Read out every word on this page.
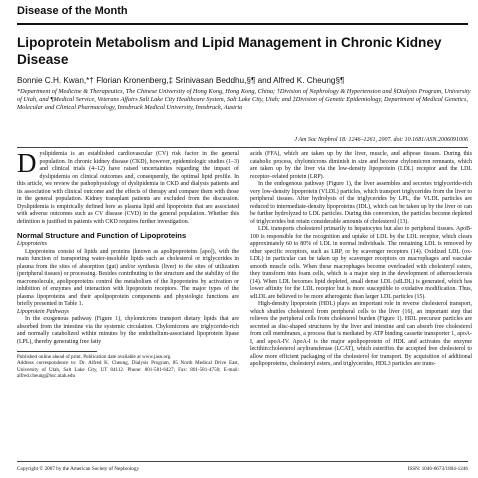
Disease of the Month
Lipoprotein Metabolism and Lipid Management in Chronic Kidney Disease
Bonnie C.H. Kwan,*† Florian Kronenberg,‡ Srinivasan Beddhu,§¶ and Alfred K. Cheung§¶
*Department of Medicine & Therapeutics, The Chinese University of Hong Kong, Hong Kong, China; †Division of Nephrology & Hypertension and §Dialysis Program, University of Utah, and ¶Medical Service, Veterans Affairs Salt Lake City Healthcare System, Salt Lake City, Utah; and ‡Division of Genetic Epidemiology, Department of Medical Genetics, Molecular and Clinical Pharmacology, Innsbruck Medical University, Innsbruck, Austria
J Am Soc Nephrol 18: 1246–1261, 2007. doi: 10.1681/ASN.2006091006

Dyslipidemia is an established cardiovascular (CV) risk factor in the general population. In chronic kidney disease (CKD), however, epidemiologic studies (1–3) and clinical trials (4–12) have raised uncertainties regarding the impact of dyslipidemia on clinical outcomes and, consequently, the optimal lipid profile. In this article, we review the pathophysiology of dyslipidemia in CKD and dialysis patients and its association with clinical outcome and the effects of therapy and compare them with those in the general population. Kidney transplant patients are excluded from the discussion. Dyslipidemia is empirically defined here as plasma lipid and lipoprotein that are associated with adverse outcomes such as CV disease (CVD) in the general population. Whether this definition is justified in patients with CKD requires further investigation.

Normal Structure and Function of Lipoproteins

Lipoproteins

Lipoproteins consist of lipids and proteins (known as apolipoproteins [apo]), with the main function of transporting water-insoluble lipids such as cholesterol or triglycerides in plasma from the sites of absorption (gut) and/or synthesis (liver) to the sites of utilization (peripheral tissues) or processing. Besides contributing to the structure and the stability of the macromolecule, apolipoproteins control the metabolism of the lipoproteins by activation or inhibition of enzymes and interaction with lipoprotein receptors. The major types of the plasma lipoproteins and their apolipoprotein components and physiologic functions are briefly presented in Table 1.

Lipoprotein Pathways

In the exogenous pathway (Figure 1), chylomicrons transport dietary lipids that are absorbed from the intestine via the systemic circulation. Chylomicrons are triglyceride-rich and normally catabolized within minutes by the endothelium-associated lipoprotein lipase (LPL), thereby generating free fatty

Published online ahead of print. Publication date available at www.jasn.org.

Address correspondence to: Dr. Alfred K. Cheung, Dialysis Program, 85 North Medical Drive East, University of Utah, Salt Lake City, UT 84112. Phone: 801-581-6427; Fax: 801-581-4750; E-mail: alfred.cheung@hsc.utah.edu

acids (FFA), which are taken up by the liver, muscle, and adipose tissues. During this catabolic process, chylomicrons diminish in size and become chylomicron remnants, which are taken up by the liver via the low-density lipoprotein (LDL) receptor and the LDL receptor–related protein (LRP).

In the endogenous pathway (Figure 1), the liver assembles and secretes triglyceride-rich very low-density lipoprotein (VLDL) particles, which transport triglycerides from the liver to peripheral tissues. After hydrolysis of the triglycerides by LPL, the VLDL particles are reduced to intermediate-density lipoproteins (IDL), which can be taken up by the liver or can be further hydrolyzed to LDL particles. During this conversion, the particles become depleted of triglycerides but retain considerable amounts of cholesterol (13).

LDL transports cholesterol primarily to hepatocytes but also to peripheral tissues. ApoB-100 is responsible for the recognition and uptake of LDL by the LDL receptor, which clears approximately 60 to 80% of LDL in normal individuals. The remaining LDL is removed by other specific receptors, such as LRP, or by scavenger receptors (14). Oxidized LDL (ox-LDL) in particular can be taken up by scavenger receptors on macrophages and vascular smooth muscle cells. When these macrophages become overloaded with cholesteryl esters, they transform into foam cells, which is a major step in the development of atherosclerosis (14). When LDL becomes lipid depleted, small dense LDL (sdLDL) is generated, which has lower affinity for the LDL receptor but is more susceptible to oxidative modification. Thus, sdLDL are believed to be more atherogenic than larger LDL particles (15).

High-density lipoprotein (HDL) plays an important role in reverse cholesterol transport, which shuttles cholesterol from peripheral cells to the liver (16), an important step that relieves the peripheral cells from cholesterol burden (Figure 1). HDL precursor particles are secreted as disc-shaped structures by the liver and intestine and can absorb free cholesterol from cell membranes, a process that is mediated by ATP binding cassette transporter 1, apoA-I, and apoA-IV. ApoA-I is the major apolipoprotein of HDL and activates the enzyme lecithin:cholesterol acyltransferase (LCAT), which esterifies the accepted free cholesterol to allow more efficient packaging of the cholesterol for transport. By acquisition of additional apolipoproteins, cholesteryl esters, and triglycerides, HDL3 particles are trans-

Copyright © 2007 by the American Society of Nephrology	ISSN: 1046-6673/1804-1246
